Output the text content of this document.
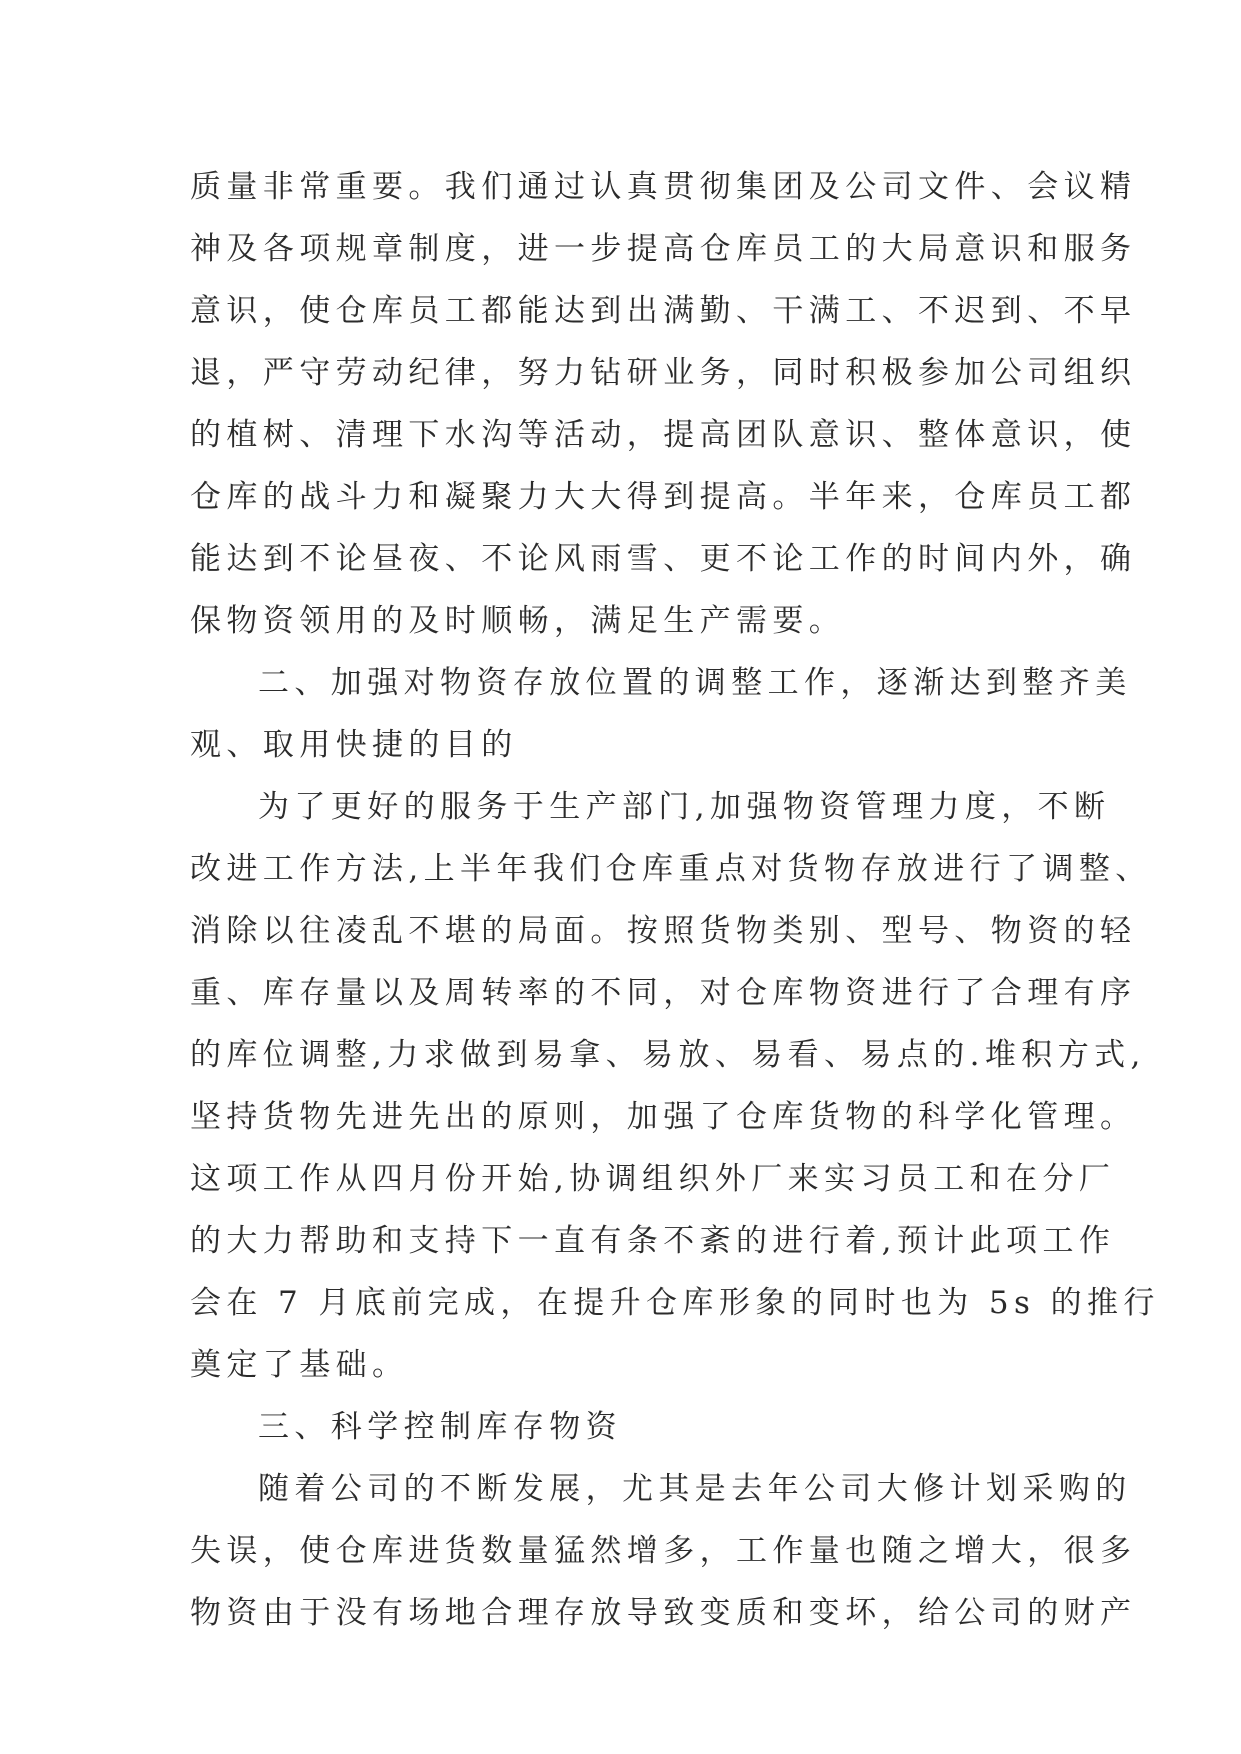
质量非常重要。我们通过认真贯彻集团及公司文件、会议精
神及各项规章制度，进一步提高仓库员工的大局意识和服务
意识，使仓库员工都能达到出满勤、干满工、不迟到、不早
退，严守劳动纪律，努力钻研业务，同时积极参加公司组织
的植树、清理下水沟等活动，提高团队意识、整体意识，使
仓库的战斗力和凝聚力大大得到提高。半年来，仓库员工都
能达到不论昼夜、不论风雨雪、更不论工作的时间内外，确
保物资领用的及时顺畅，满足生产需要。
二、加强对物资存放位置的调整工作，逐渐达到整齐美
观、取用快捷的目的
为了更好的服务于生产部门,加强物资管理力度，不断
改进工作方法,上半年我们仓库重点对货物存放进行了调整、
消除以往凌乱不堪的局面。按照货物类别、型号、物资的轻
重、库存量以及周转率的不同，对仓库物资进行了合理有序
的库位调整,力求做到易拿、易放、易看、易点的.堆积方式,
坚持货物先进先出的原则，加强了仓库货物的科学化管理。
这项工作从四月份开始,协调组织外厂来实习员工和在分厂
的大力帮助和支持下一直有条不紊的进行着,预计此项工作
会在 7 月底前完成，在提升仓库形象的同时也为 5s 的推行
奠定了基础。
三、科学控制库存物资
随着公司的不断发展，尤其是去年公司大修计划采购的
失误，使仓库进货数量猛然增多，工作量也随之增大，很多
物资由于没有场地合理存放导致变质和变坏，给公司的财产
